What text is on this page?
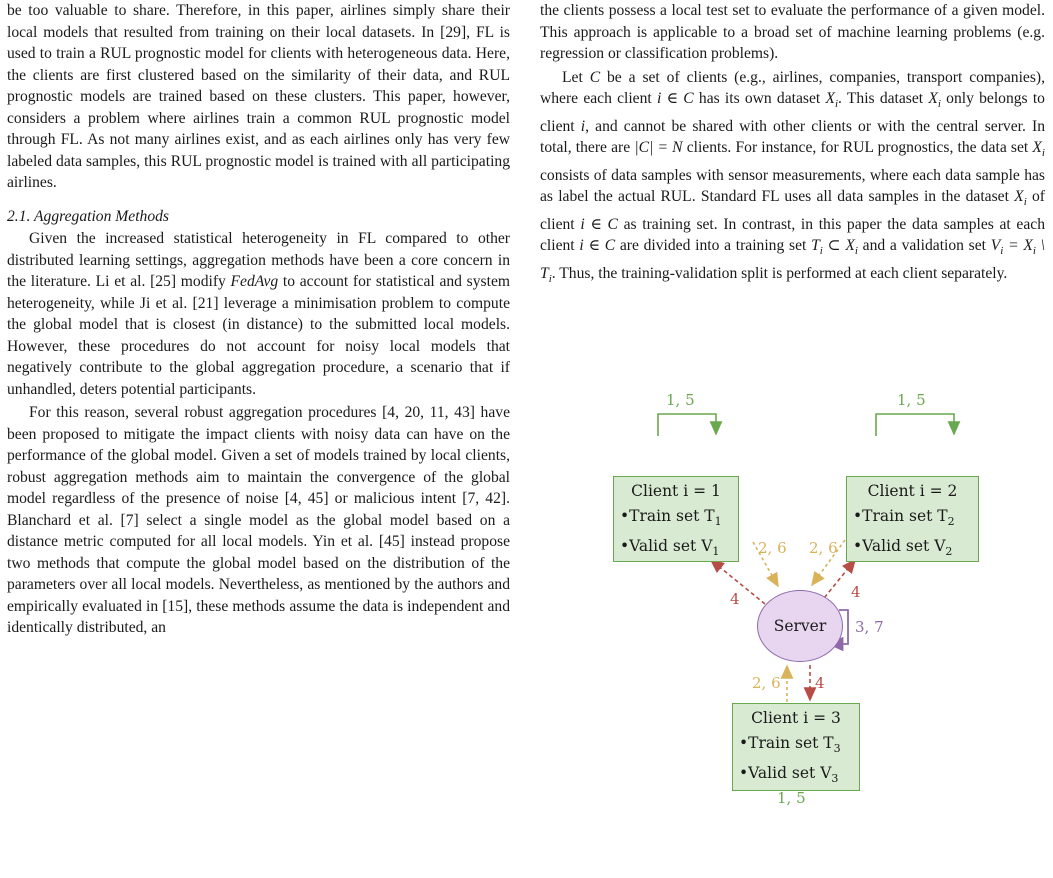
be too valuable to share. Therefore, in this paper, airlines simply share their local models that resulted from training on their local datasets. In [29], FL is used to train a RUL prognostic model for clients with heterogeneous data. Here, the clients are first clustered based on the similarity of their data, and RUL prognostic models are trained based on these clusters. This paper, however, considers a problem where airlines train a common RUL prognostic model through FL. As not many airlines exist, and as each airlines only has very few labeled data samples, this RUL prognostic model is trained with all participating airlines.

2.1. Aggregation Methods

Given the increased statistical heterogeneity in FL compared to other distributed learning settings, aggregation methods have been a core concern in the literature. Li et al. [25] modify FedAvg to account for statistical and system heterogeneity, while Ji et al. [21] leverage a minimisation problem to compute the global model that is closest (in distance) to the submitted local models. However, these procedures do not account for noisy local models that negatively contribute to the global aggregation procedure, a scenario that if unhandled, deters potential participants.

For this reason, several robust aggregation procedures [4, 20, 11, 43] have been proposed to mitigate the impact clients with noisy data can have on the performance of the global model. Given a set of models trained by local clients, robust aggregation methods aim to maintain the convergence of the global model regardless of the presence of noise [4, 45] or malicious intent [7, 42]. Blanchard et al. [7] select a single model as the global model based on a distance metric computed for all local models. Yin et al. [45] instead propose two methods that compute the global model based on the distribution of the parameters over all local models. Nevertheless, as mentioned by the authors and empirically evaluated in [15], these methods assume the data is independent and identically distributed, an

the clients possess a local test set to evaluate the performance of a given model. This approach is applicable to a broad set of machine learning problems (e.g. regression or classification problems).

Let C be a set of clients (e.g., airlines, companies, transport companies), where each client i ∈ C has its own dataset $X_i$. This dataset $X_i$ only belongs to client i, and cannot be shared with other clients or with the central server. In total, there are |C| = N clients. For instance, for RUL prognostics, the data set $X_i$ consists of data samples with sensor measurements, where each data sample has as label the actual RUL. Standard FL uses all data samples in the dataset $X_i$ of client i ∈ C as training set. In contrast, in this paper the data samples at each client i ∈ C are divided into a training set $T_i$ ⊂ $X_i$ and a validation set $V_i = X_i$ \ $T_i$. Thus, the training-validation split is performed at each client separately.

Client i = 1
•Train set $T_1$
•Valid set $V_1$
Client i = 2
•Train set $T_2$
•Valid set $V_2$
Client i = 3
•Train set $T_3$
•Valid set $V_3$
Server
1, 5	1, 5
1, 5
2, 6 2, 6
2, 6
4	4
4
3, 7
